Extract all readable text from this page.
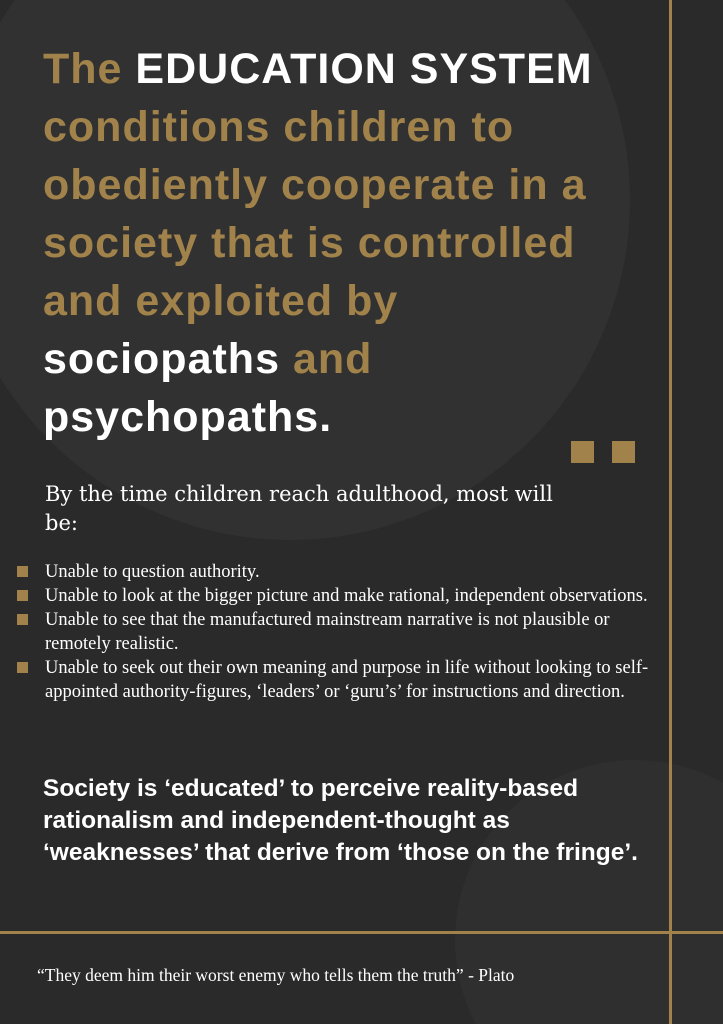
The EDUCATION SYSTEM conditions children to obediently cooperate in a society that is controlled and exploited by sociopaths and psychopaths.

By the time children reach adulthood, most will be:

Unable to question authority.
Unable to look at the bigger picture and make rational, independent observations.
Unable to see that the manufactured mainstream narrative is not plausible or remotely realistic.
Unable to seek out their own meaning and purpose in life without looking to self-appointed authority-figures, ‘leaders’ or ‘guru’s’ for instructions and direction.

Society is ‘educated’ to perceive reality-based rationalism and independent-thought as ‘weaknesses’ that derive from ‘those on the fringe’.

“They deem him their worst enemy who tells them the truth” - Plato
